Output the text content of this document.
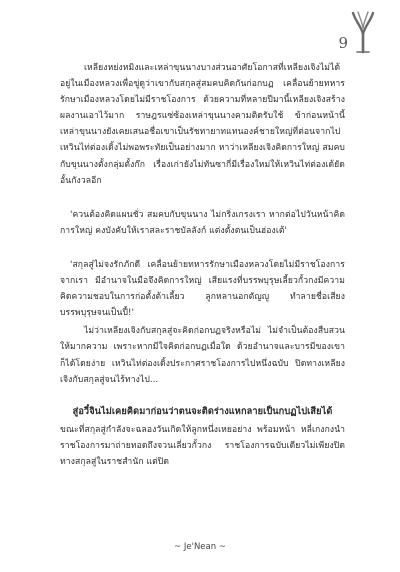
9

เหลียงหย่งหมิงและเหล่าขุนนางบางส่วนอาศัยโอกาสที่เหลียงเจิงไม่ได้อยู่ในเมืองหลวงเพื่อขู่ดูว่าเขากับสกุลสู่สมคบคิดกันก่อกบฏ เคลื่อนย้ายทหารรักษาเมืองหลวงโดยไม่มีราชโองการ ด้วยความที่หลายปีมานี้เหลียงเจิงสร้างผลงานเอาไว้มาก ราษฎรแซ่ซ้องเหล่าขุนนางคามติดรับใช้ ข้าก่อนหน้านี้เหล่าขุนนางยังเคยเสนอชื่อเขาเป็นรัชทายาทแทนองค์ชายใหญ่ที่ต่อนจากไป เหวินไท่ต่องเดิ้งไม่พอพระทัยเป็นอย่างมาก หาว่าเหลียงเจิงคิดการใหญ่ สมคบกับขุนนางตั้งกลุ่มตั้งก๊ก เรื่องเก่ายังไม่ทันซากี่มีเรื่องใหม่ให้เหวินไท่ต่องเด้ยัดอั้นกังวลอีก

'ควนต้องคิดแผนชั่ว สมคบกับขุนนาง ไม่กริ่งเกรงเรา หากต่อไปวันหน้าคิดการใหญ่ คงบังคับให้เราสละราชบัลลังก์ แต่งตั้งตนเป็นฮ่องเต้'

'สกุลสู่ไม่จงรักภักดี เคลื่อนย้ายทหารรักษาเมืองหลวงโดยไม่มีราชโองการจากเรา มีอำนาจในมือจึงคิดการใหญ่ เสียแรงที่บรรพบุรุษเลี้ยวกั้วกงมีความคิดความชอบในการก่อตั้งต้าเลี้ยว ลูกหลานอกตัญญู ทำลายชื่อเสียงบรรพบุรุษจนเป็นปี้!'

ไม่ว่าเหลียงเจิงกับสกุลสู่จะคิดก่อกบฏจริงหรือไม่ ไม่จำเป็นต้องสืบสวนให้มากความ เพราะหากมีใจคิดก่อกบฏเมื่อใด ด้วยอำนาจและบารมีของเขาก็ได้โดยง่าย เหวินไท่ต่องเดิ้งประกาศราชโองการไปหนึ่งฉบับ ปิดทางเหลียงเจิงกับสกุลสู่จนไร้ทางไป...

สู่อวี๋จินไม่เคยคิดมาก่อนว่าตนจะติดร่างแหกลายเป็นกบฏไปเสียได้

ขณะที่สกุลสู่กำลังจะฉลองวันเกิดให้ลูกหนึ่งเหยอย่าง พร้อมหน้า หลี่เกงกงนำราชโองการมาถ่ายทอดถึงจวนเลี่ยวกั้วกง ราชโองการฉบับเดียวไม่เพียงปิดทางสกุลสู่ในราชสำนัก แต่ปิด

~ Je'Nean ~
